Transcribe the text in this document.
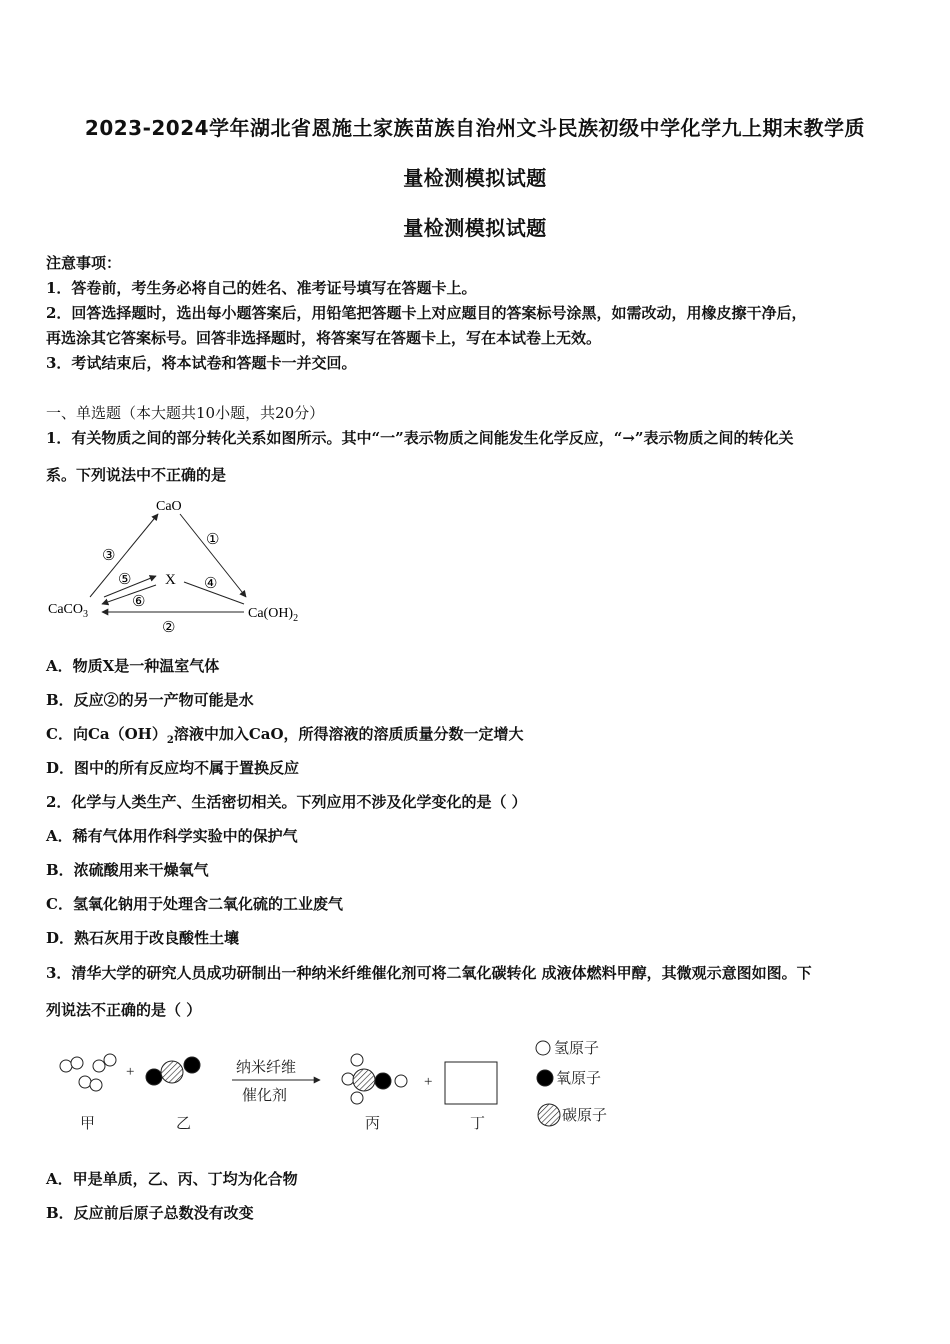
2023-2024学年湖北省恩施土家族苗族自治州文斗民族初级中学化学九上期末教学质
量检测模拟试题
量检测模拟试题
注意事项：
1．答卷前，考生务必将自己的姓名、准考证号填写在答题卡上。
2．回答选择题时，选出每小题答案后，用铅笔把答题卡上对应题目的答案标号涂黑，如需改动，用橡皮擦干净后，
再选涂其它答案标号。回答非选择题时，将答案写在答题卡上，写在本试卷上无效。
3．考试结束后，将本试卷和答题卡一并交回。
一、单选题（本大题共10小题，共20分）
1．有关物质之间的部分转化关系如图所示。其中“一”表示物质之间能发生化学反应，“→”表示物质之间的转化关
系。下列说法中不正确的是
CaO
CaCO$_3$	$Ca(OH)_2$
X
③
①
⑤
⑥
④
②
A．物质X是一种温室气体
B．反应②的另一产物可能是水
C．向$Ca(OH)_2$溶液中加入CaO，所得溶液的溶质质量分数一定增大
D．图中的所有反应均不属于置换反应
2．化学与人类生产、生活密切相关。下列应用不涉及化学变化的是（ ）
A．稀有气体用作科学实验中的保护气
B．浓硫酸用来干燥氧气
C．氢氧化钠用于处理含二氧化硫的工业废气
D．熟石灰用于改良酸性土壤
3．清华大学的研究人员成功研制出一种纳米纤维催化剂可将二氧化碳转化 成液体燃料甲醇，其微观示意图如图。下
列说法不正确的是（ ）
+
+
纳米纤维
催化剂
甲	乙	丙	丁
氢原子
氧原子
碳原子
A．甲是单质，乙、丙、丁均为化合物
B．反应前后原子总数没有改变
